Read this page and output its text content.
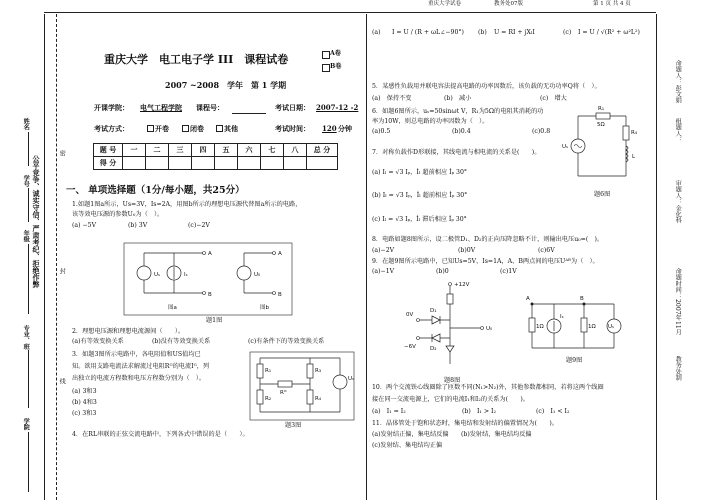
重庆大学试卷	教务处07版	第 1 页 共 4 页
姓名
学号
年级
专业、班
学院
公平竞争、诚实守信、严肃考纪、拒绝作弊
密
封
线
命题人：彭文娟
组题人：
审题人：金化科
命题时间：2007年11月
教务处制
重庆大学　电工电子学 III　课程试卷	A卷
B卷
2007 ~2008　学年　第 1 学期
开课学院： 电气工程学院 课程号：	考试日期： 2007-12 -2
考试方式：	开卷	闭卷	其他	考试时间： 120 分钟
题 号	一	二	三	四	五	六	七	八	总 分
得 分									
一、 单项选择题（1分/每小题，共25分）
1.如题1图a所示，Us=3V，Is=2A，用图b所示的理想电压源代替图a所示的电路，
该等效电压源的参数U₀为（　）。
(a) −5V	(b) 3V	(c)−2V
Uₛ	Iₛ
A
B
图a
U₀
A
B
图b
题1图
2．理想电压源和理想电流源间（　　）。
(a)有等效变换关系	(b)没有等效变换关系	(c)有条件下的等效变换关系
3．如题3图所示电路中，各电阻值和US值均已
知。欲用支路电流法求解流过电阻Rᴳ的电流Iᴳ，列
出独立的电流方程数和电压方程数分别为（　）。
(a) 3和3
(b) 4和3
(c) 3和3
R₁
R₂
R₃
R₄
Rᴳ
Uₛ
题3图
4．在RL串联的正弦交流电路中，下列各式中错误的是（　　）。
(a) I = U / (R + ωL∠−90°) (b) U = RI + jXₗI	(c) I = U / √(R² + ω²L²)
5．某感性负载用并联电容法提高电路的功率因数后，该负载的无功功率Q将（　）。
(a)　保持不变	(b)　减小	(c)　增大
6．如题6图所示，uₛ=50sinωt V，R₁为5Ω的电阻其消耗的功
率为10W，则总电路的功率因数为（　）。
(a)0.5	(b)0.4	(c)0.8
R₁
5Ω
R₄
L
Uₛ
题6图
7．对称负载作D形联接，其线电流与相电流的关系是(　　)。
(a) Iₗ = √3 Iₚ，İₗ 超前相应 İₚ 30°
(b) Iₗ = √3 Iₚ，İₗ 超前相应 İₚ 30°
(c) Iₗ = √3 Iₚ，İₗ 滞后相应 İₚ 30°
8．电路如题8图所示，设二极管D₁、D₂的正向压降忽略不计，则输出电压u₀=(　)。
(a)−2V	(b)0V	(c)6V
9．在题9图所示电路中，已知Us=5V，Is=1A，A、B两点间的电压Uᴬᴮ为（　）。
(a)−1V	(b)0	(c)1V
+12V
0V
−6V
D₁
D₂
U₀
题8图
A	B
1Ω
Iₛ
1Ω Uₛ
题9图
10．两个交流铁心线圈除了匝数不同(N₁>N₂)外，其他参数都相同，若将这两个线圈
接在同一交流电源上，它们的电流I₁和I₂的关系为(　　)。
(a)　I₁ = I₂	(b)　I₁ > I₂	(c)　I₁ < I₂
11．晶体管处于饱和状态时，集电结和发射结的偏置情况为(　　)。
(a)发射结正偏，集电结反偏　　(b)发射结，集电结均反偏
(c)发射结、集电结均正偏
